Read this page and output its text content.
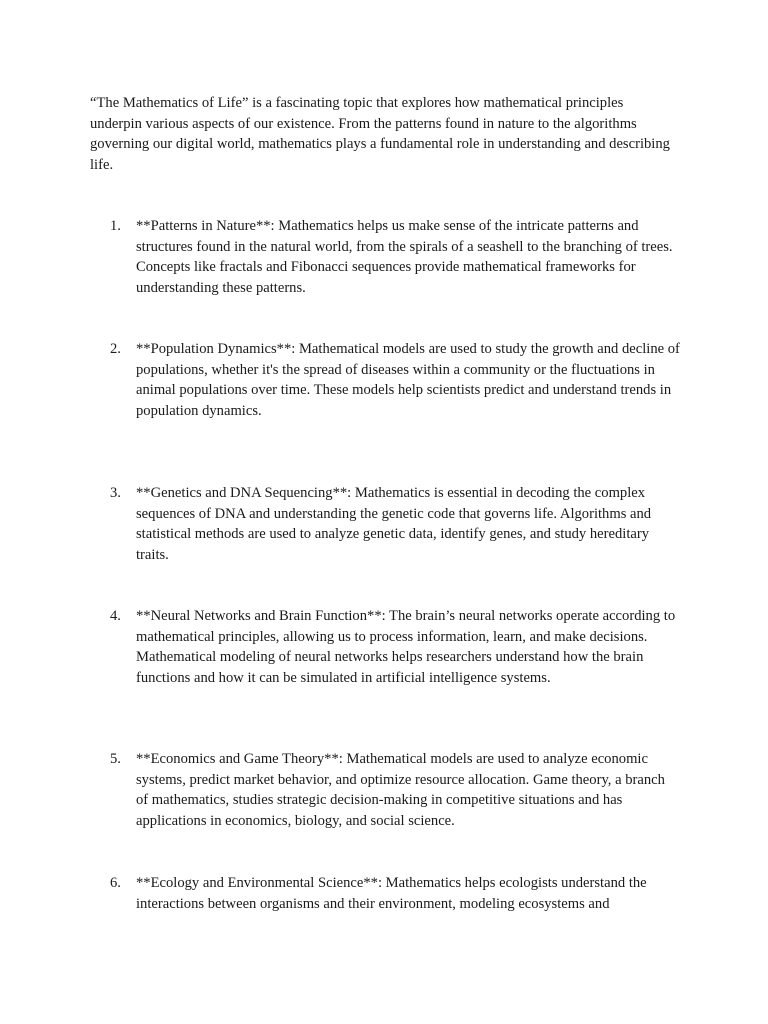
“The Mathematics of Life” is a fascinating topic that explores how mathematical principles underpin various aspects of our existence. From the patterns found in nature to the algorithms governing our digital world, mathematics plays a fundamental role in understanding and describing life.

1.	**Patterns in Nature**: Mathematics helps us make sense of the intricate patterns and structures found in the natural world, from the spirals of a seashell to the branching of trees. Concepts like fractals and Fibonacci sequences provide mathematical frameworks for understanding these patterns.
2.	**Population Dynamics**: Mathematical models are used to study the growth and decline of populations, whether it's the spread of diseases within a community or the fluctuations in animal populations over time. These models help scientists predict and understand trends in population dynamics.
3.	**Genetics and DNA Sequencing**: Mathematics is essential in decoding the complex sequences of DNA and understanding the genetic code that governs life. Algorithms and statistical methods are used to analyze genetic data, identify genes, and study hereditary traits.
4.	**Neural Networks and Brain Function**: The brain’s neural networks operate according to mathematical principles, allowing us to process information, learn, and make decisions. Mathematical modeling of neural networks helps researchers understand how the brain functions and how it can be simulated in artificial intelligence systems.
5.	**Economics and Game Theory**: Mathematical models are used to analyze economic systems, predict market behavior, and optimize resource allocation. Game theory, a branch of mathematics, studies strategic decision-making in competitive situations and has applications in economics, biology, and social science.
6.	**Ecology and Environmental Science**: Mathematics helps ecologists understand the interactions between organisms and their environment, modeling ecosystems and
